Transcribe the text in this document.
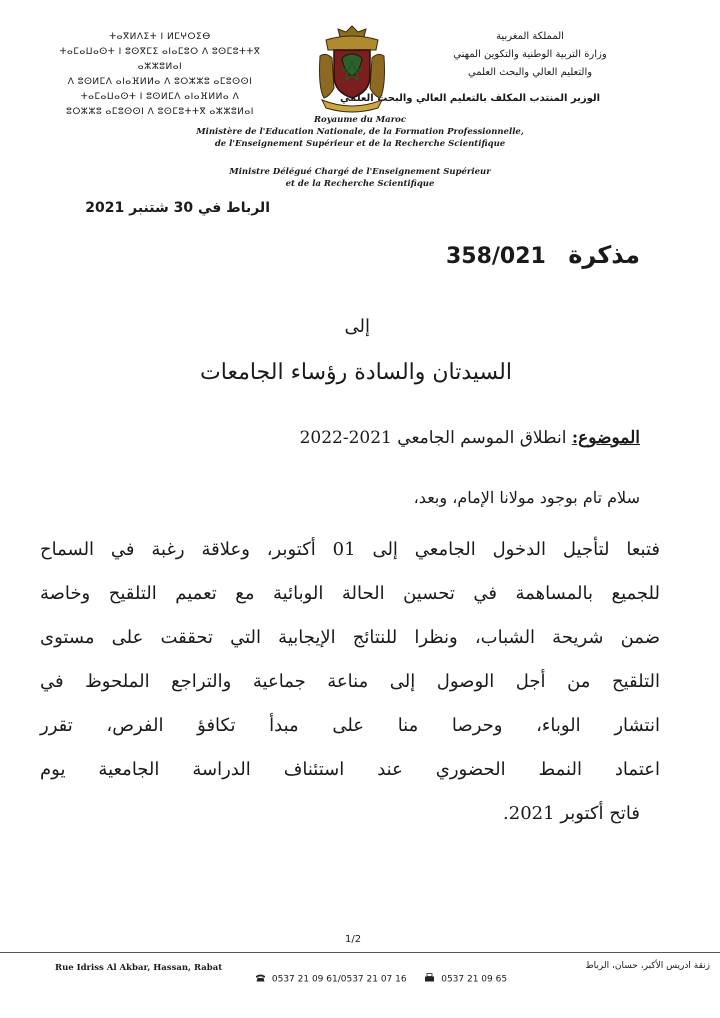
ⵜⴰⴳⵍⴷⵉⵜ ⵏ ⵍⵎⵖⵔⵉⴱ
ⵜⴰⵎⴰⵡⴰⵙⵜ ⵏ ⵓⵙⴳⵎⵉ ⴰⵏⴰⵎⵓⵔ ⴷ ⵓⵙⵎⵓⵜⵜⴳ ⴰⵣⵣⵓⵍⴰⵏ
ⴷ ⵓⵙⵍⵎⴷ ⴰⵏⴰⴼⵍⵍⴰ ⴷ ⵓⵔⵣⵣⵓ ⴰⵎⵓⵙⵙⵏ
ⵜⴰⵎⴰⵡⴰⵙⵜ ⵏ ⵓⵙⵍⵎⴷ ⴰⵏⴰⴼⵍⵍⴰ ⴷ
ⵓⵔⵣⵣⵓ ⴰⵎⵓⵙⵙⵏ ⴷ ⵓⵙⵎⵓⵜⵜⴳ ⴰⵣⵣⵓⵍⴰⵏ
المملكة المغربية
وزارة التربية الوطنية والتكوين المهني
والتعليم العالي والبحث العلمي
الوزير المنتدب المكلف بالتعليم العالي والبحث العلمي
Royaume du Maroc
Ministère de l'Education Nationale, de la Formation Professionnelle,
de l'Enseignement Supérieur et de la Recherche Scientifique
Ministre Délégué Chargé de l'Enseignement Supérieur
et de la Recherche Scientifique
الرباط في 30 شتنبر 2021
مذكرة 358/021
إلى
السيدتان والسادة رؤساء الجامعات
الموضوع: انطلاق الموسم الجامعي 2021-2022
سلام تام بوجود مولانا الإمام، وبعد،
فتبعا لتأجيل الدخول الجامعي إلى 01 أكتوبر، وعلاقة رغبة في السماح
للجميع بالمساهمة في تحسين الحالة الوبائية مع تعميم التلقيح وخاصة
ضمن شريحة الشباب، ونظرا للنتائج الإيجابية التي تحققت على مستوى
التلقيح من أجل الوصول إلى مناعة جماعية والتراجع الملحوظ في
انتشار الوباء، وحرصا منا على مبدأ تكافؤ الفرص، تقرر
اعتماد النمط الحضوري عند استئناف الدراسة الجامعية يوم
فاتح أكتوبر 2021.
1/2
Rue Idriss Al Akbar, Hassan, Rabat	زنقة ادريس الأكبر، حسان، الرباط
0537 21 09 61/0537 21 07 16	0537 21 09 65
